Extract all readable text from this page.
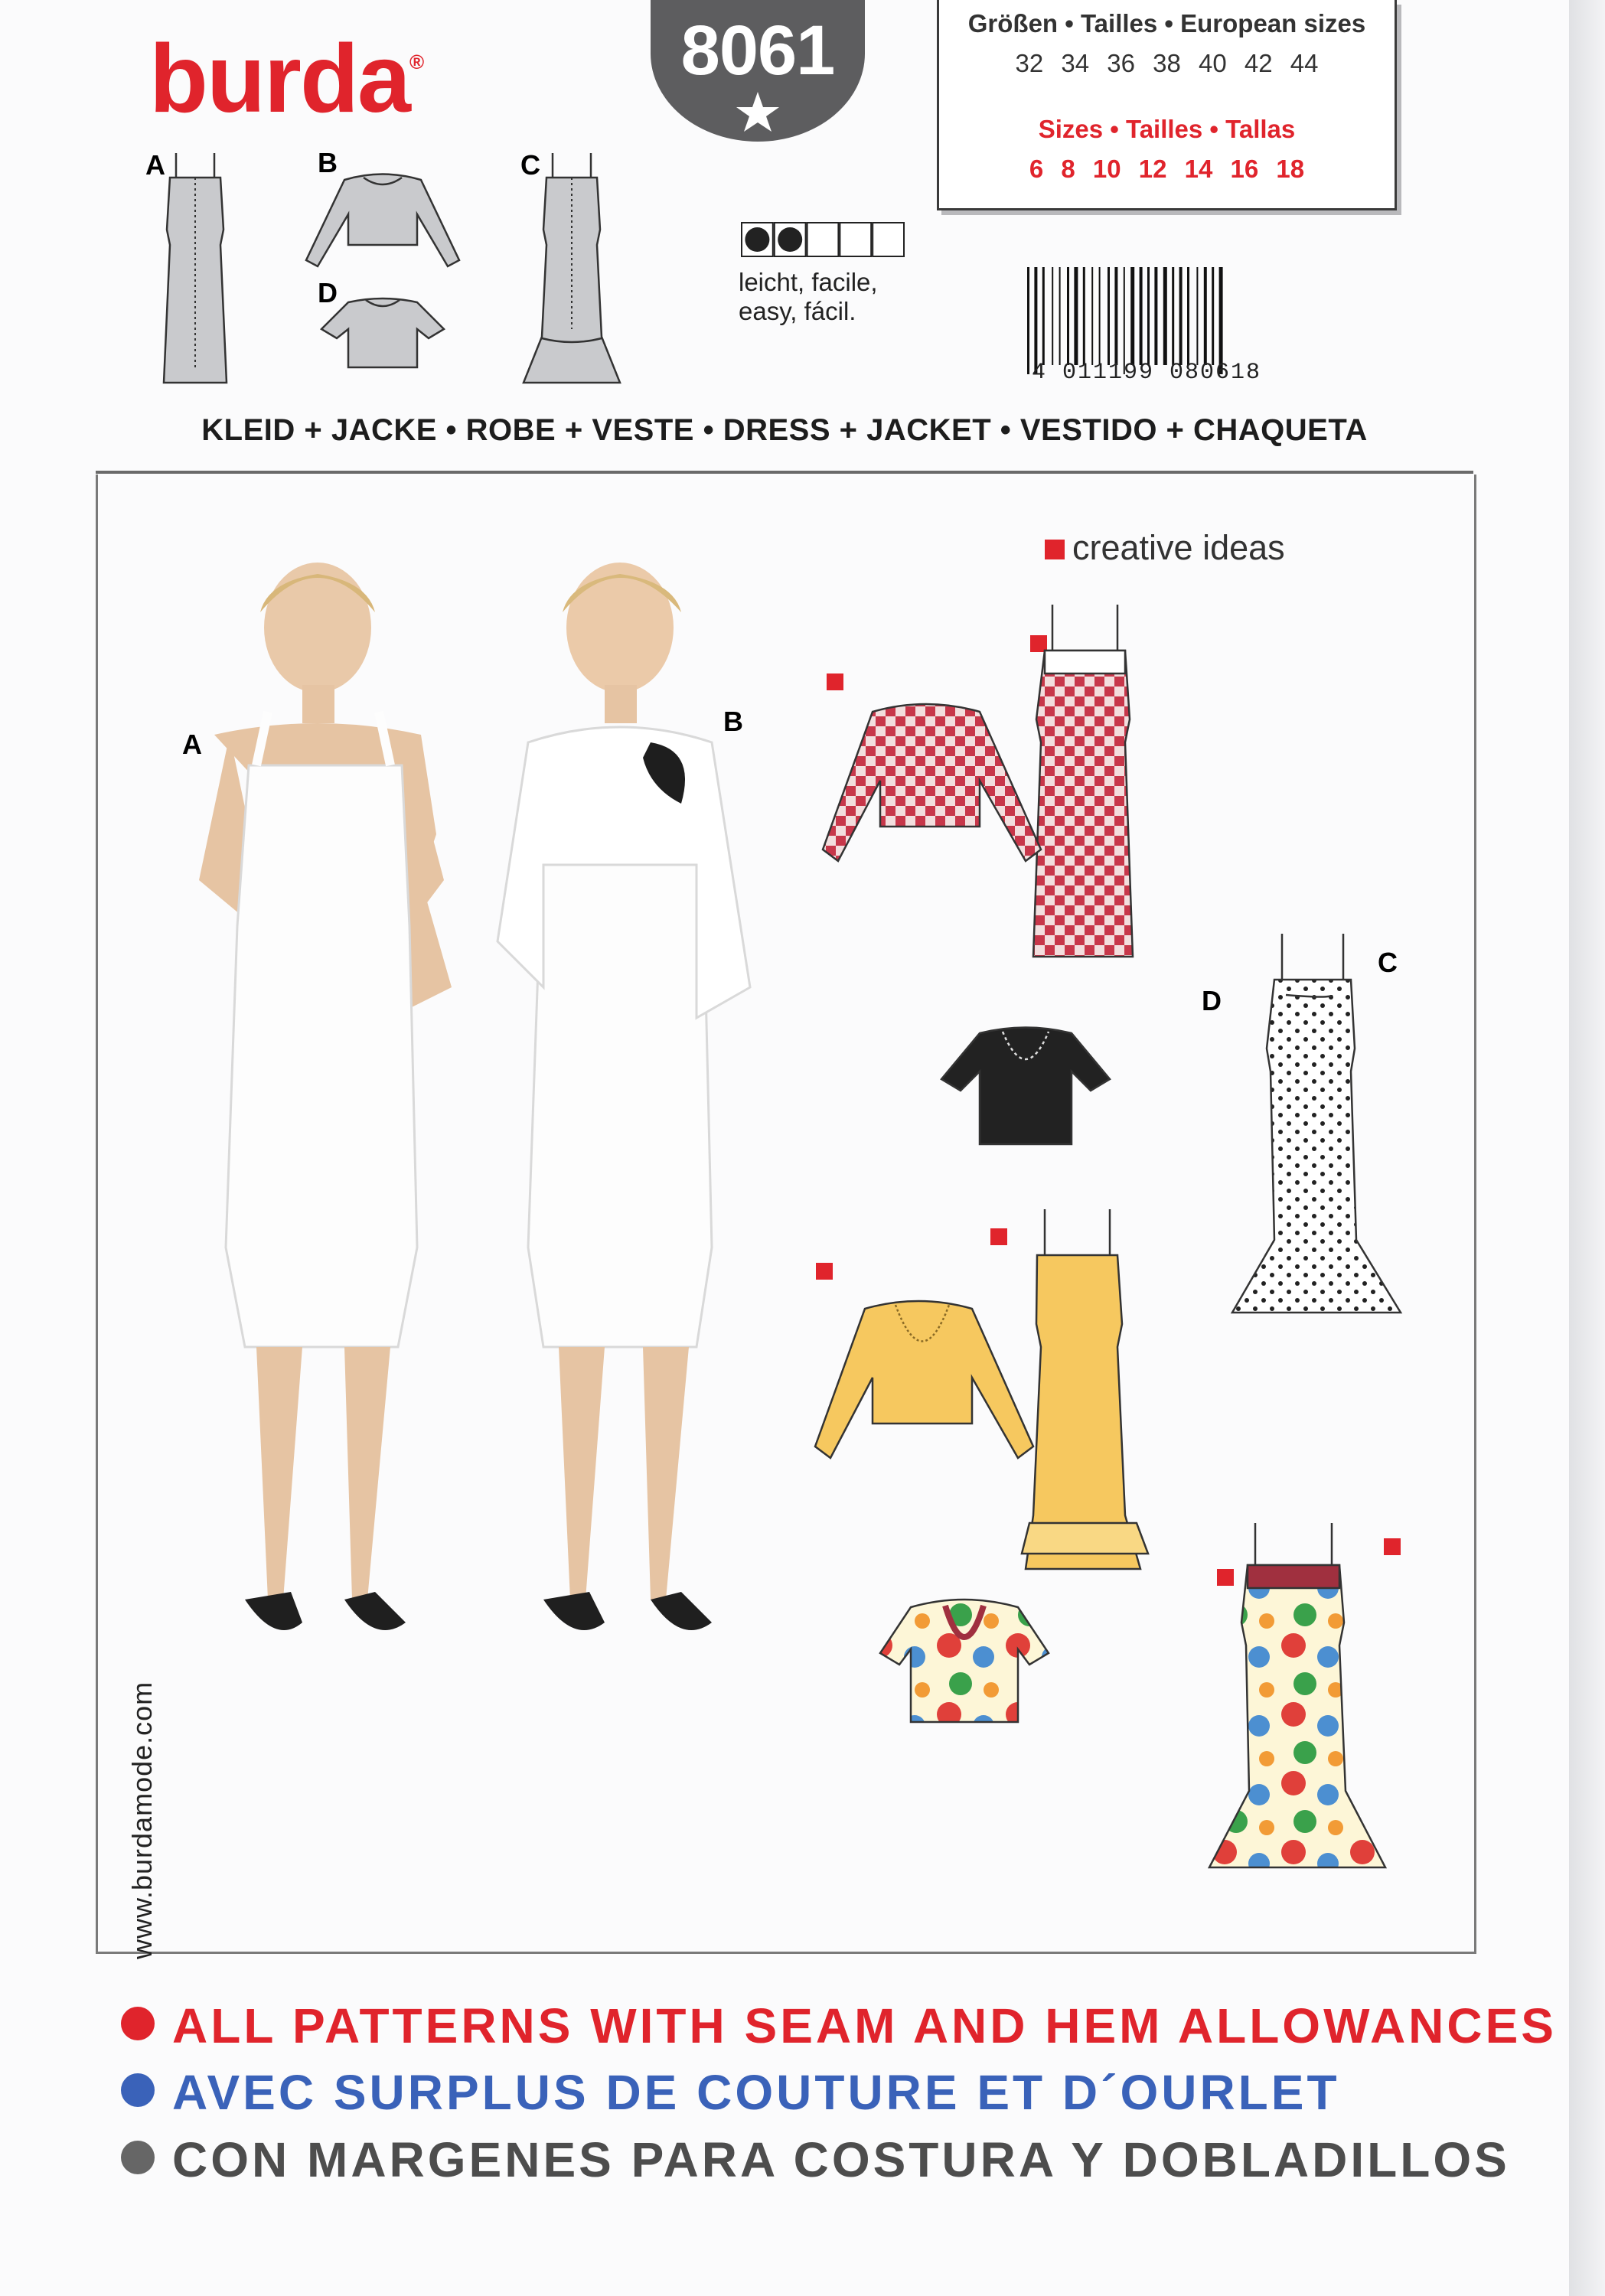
burda®	8061	Größen • Tailles • European sizes
32 34 36 38 40 42 44
Sizes • Tailles • Tallas
6 8 10 12 14 16 18
leicht, facile,
easy, fácil.
4 011199 080618
A	B
D
C
KLEID + JACKE • ROBE + VESTE • DRESS + JACKET • VESTIDO + CHAQUETA
A
B
creative ideas
D
C
www.burdamode.com
ALL PATTERNS WITH SEAM AND HEM ALLOWANCES
AVEC SURPLUS DE COUTURE ET D´OURLET
CON MARGENES PARA COSTURA Y DOBLADILLOS
